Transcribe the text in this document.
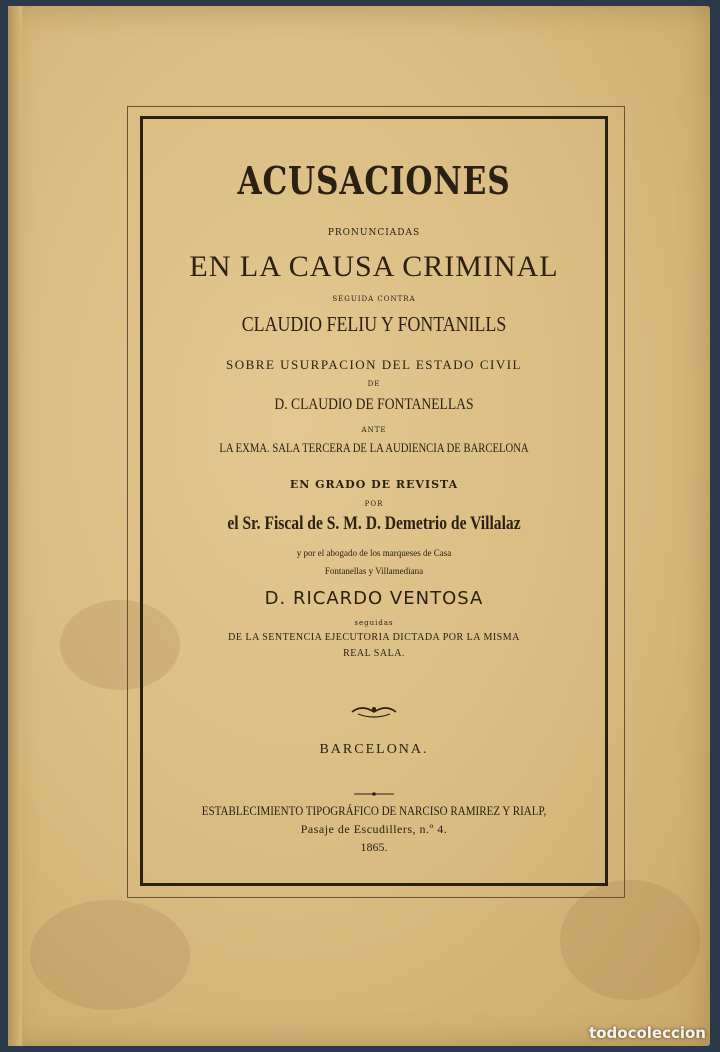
ACUSACIONES
PRONUNCIADAS
EN LA CAUSA CRIMINAL
SEGUIDA CONTRA
CLAUDIO FELIU Y FONTANILLS
SOBRE USURPACION DEL ESTADO CIVIL
DE
D. CLAUDIO DE FONTANELLAS
ANTE
LA EXMA. SALA TERCERA DE LA AUDIENCIA DE BARCELONA
EN GRADO DE REVISTA
POR
el Sr. Fiscal de S. M. D. Demetrio de Villalaz
y por el abogado de los marqueses de Casa
Fontanellas y Villamediana
D. RICARDO VENTOSA
seguidas
DE LA SENTENCIA EJECUTORIA DICTADA POR LA MISMA
REAL SALA.
BARCELONA.
ESTABLECIMIENTO TIPOGRÁFICO DE NARCISO RAMIREZ Y RIALP,
Pasaje de Escudillers, n.º 4.
1865.
todocoleccion
